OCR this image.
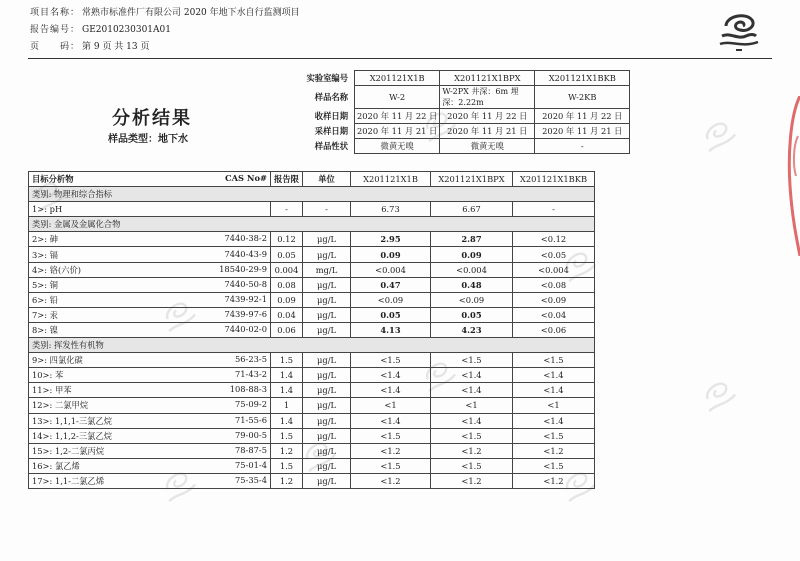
项目名称： 常熟市标准件厂有限公司 2020 年地下水自行监测项目
报告编号： GE2010230301A01
页　　码： 第 9 页 共 13 页
分析结果
样品类型：地下水
实验室编号	X201121X1B	X201121X1BPX	X201121X1BKB
样品名称	W-2	W-2PX 井深：6m 埋深：2.22m	W-2KB
收样日期	2020 年 11 月 22 日	2020 年 11 月 22 日	2020 年 11 月 22 日
采样日期	2020 年 11 月 21 日	2020 年 11 月 21 日	2020 年 11 月 21 日
样品性状	微黄无嗅	微黄无嗅	-
目标分析物 CAS No#	报告限	单位	X201121X1B	X201121X1BPX	X201121X1BKB
类别: 物理和综合指标					
1>: pH	-	-	6.73	6.67	-
类别: 金属及金属化合物					
2>: 砷 7440-38-2	0.12	μg/L	2.95	2.87	<0.12
3>: 镉 7440-43-9	0.05	μg/L	0.09	0.09	<0.05
4>: 铬(六价) 18540-29-9	0.004	mg/L	<0.004	<0.004	<0.004
5>: 铜 7440-50-8	0.08	μg/L	0.47	0.48	<0.08
6>: 铅 7439-92-1	0.09	μg/L	<0.09	<0.09	<0.09
7>: 汞 7439-97-6	0.04	μg/L	0.05	0.05	<0.04
8>: 镍 7440-02-0	0.06	μg/L	4.13	4.23	<0.06
类别: 挥发性有机物					
9>: 四氯化碳 56-23-5	1.5	μg/L	<1.5	<1.5	<1.5
10>: 苯 71-43-2	1.4	μg/L	<1.4	<1.4	<1.4
11>: 甲苯 108-88-3	1.4	μg/L	<1.4	<1.4	<1.4
12>: 二氯甲烷 75-09-2	1	μg/L	<1	<1	<1
13>: 1,1,1-三氯乙烷 71-55-6	1.4	μg/L	<1.4	<1.4	<1.4
14>: 1,1,2-三氯乙烷 79-00-5	1.5	μg/L	<1.5	<1.5	<1.5
15>: 1,2-二氯丙烷 78-87-5	1.2	μg/L	<1.2	<1.2	<1.2
16>: 氯乙烯 75-01-4	1.5	μg/L	<1.5	<1.5	<1.5
17>: 1,1-二氯乙烯 75-35-4	1.2	μg/L	<1.2	<1.2	<1.2
